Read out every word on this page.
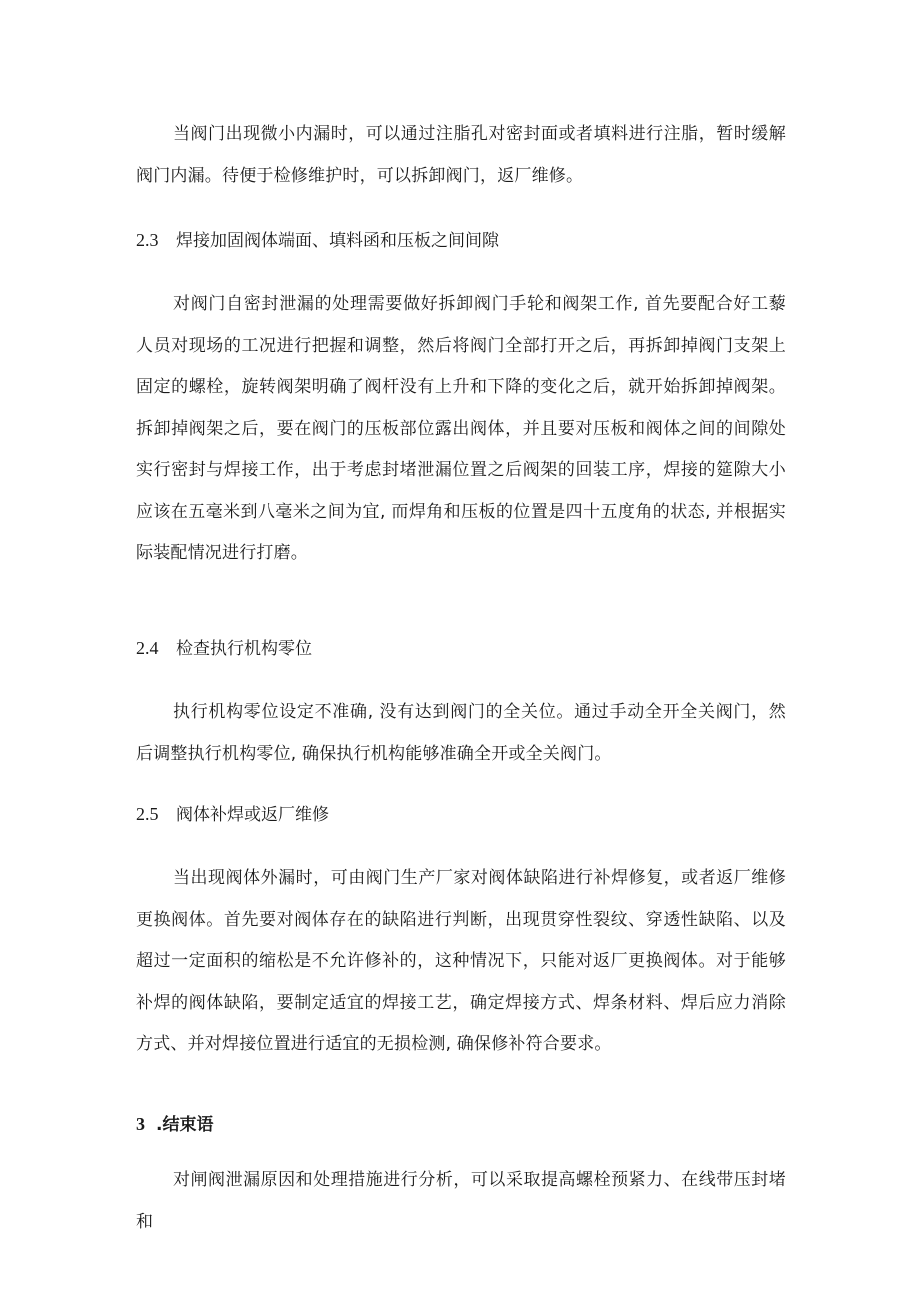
当阀门出现微小内漏时，可以通过注脂孔对密封面或者填料进行注脂，暂时缓解阀门内漏。待便于检修维护时，可以拆卸阀门，返厂维修。

2.3 焊接加固阀体端面、填料函和压板之间间隙

对阀门自密封泄漏的处理需要做好拆卸阀门手轮和阀架工作, 首先要配合好工藜人员对现场的工况进行把握和调整，然后将阀门全部打开之后，再拆卸掉阀门支架上固定的螺栓，旋转阀架明确了阀杆没有上升和下降的变化之后，就开始拆卸掉阀架。拆卸掉阀架之后，要在阀门的压板部位露出阀体，并且要对压板和阀体之间的间隙处实行密封与焊接工作，出于考虑封堵泄漏位置之后阀架的回装工序，焊接的筵隙大小应该在五毫米到八毫米之间为宜, 而焊角和压板的位置是四十五度角的状态, 并根据实际装配情况进行打磨。

2.4 检查执行机构零位

执行机构零位设定不准确, 没有达到阀门的全关位。通过手动全开全关阀门，然后调整执行机构零位, 确保执行机构能够准确全开或全关阀门。

2.5 阀体补焊或返厂维修

当出现阀体外漏时，可由阀门生产厂家对阀体缺陷进行补焊修复，或者返厂维修更换阀体。首先要对阀体存在的缺陷进行判断，出现贯穿性裂纹、穿透性缺陷、以及超过一定面积的缩松是不允许修补的，这种情况下，只能对返厂更换阀体。对于能够补焊的阀体缺陷，要制定适宜的焊接工艺，确定焊接方式、焊条材料、焊后应力消除方式、并对焊接位置进行适宜的无损检测, 确保修补符合要求。

3 .结束语

对闸阀泄漏原因和处理措施进行分析，可以采取提高螺栓预紧力、在线带压封堵和
